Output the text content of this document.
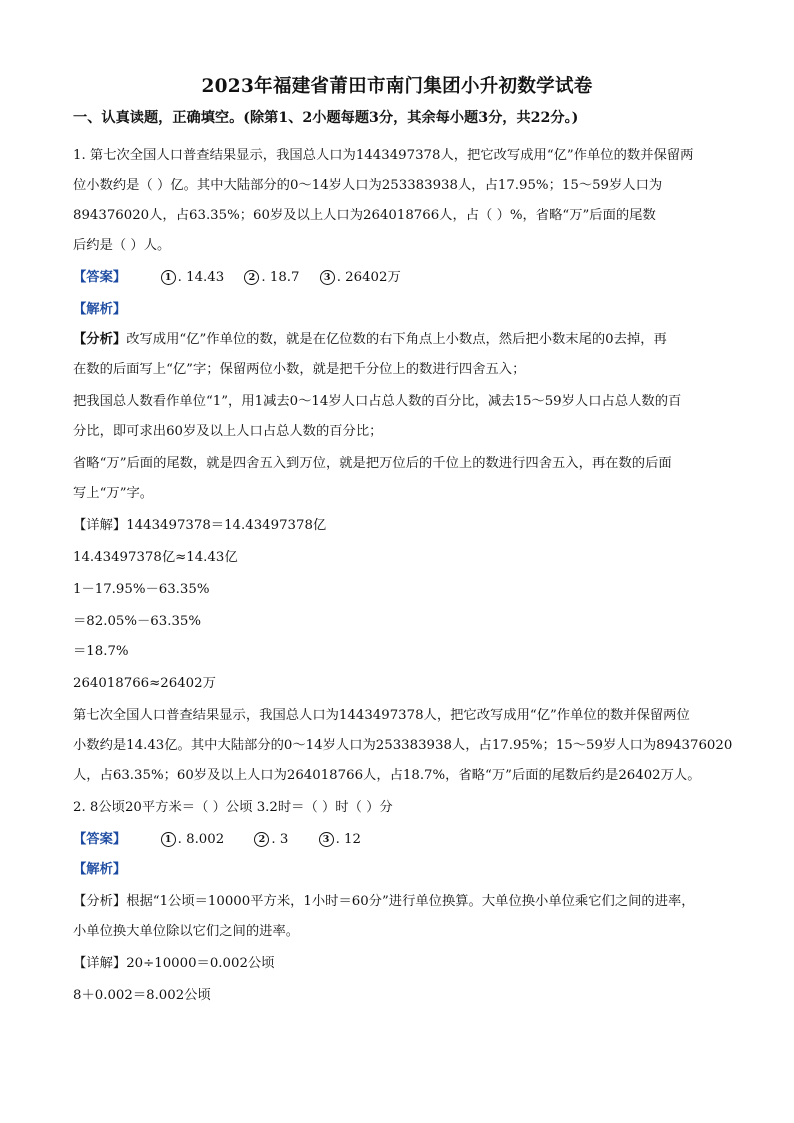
2023年福建省莆田市南门集团小升初数学试卷
一、认真读题，正确填空。(除第1、2小题每题3分，其余每小题3分，共22分。)
1. 第七次全国人口普查结果显示，我国总人口为1443497378人，把它改写成用“亿”作单位的数并保留两
位小数约是（ ）亿。其中大陆部分的0～14岁人口为253383938人，占17.95%；15～59岁人口为
894376020人，占63.35%；60岁及以上人口为264018766人，占（ ）%，省略“万”后面的尾数
后约是（ ）人。
【答案】	1 . 14.43	2 . 18.7	3 . 26402万
【解析】
【分析】改写成用“亿”作单位的数，就是在亿位数的右下角点上小数点，然后把小数末尾的0去掉，再
在数的后面写上“亿”字；保留两位小数，就是把千分位上的数进行四舍五入；
把我国总人数看作单位“1”，用1减去0～14岁人口占总人数的百分比，减去15～59岁人口占总人数的百
分比，即可求出60岁及以上人口占总人数的百分比；
省略“万”后面的尾数，就是四舍五入到万位，就是把万位后的千位上的数进行四舍五入，再在数的后面
写上“万”字。
【详解】1443497378＝14.43497378亿
14.43497378亿≈14.43亿
1－17.95%－63.35%
＝82.05%－63.35%
＝18.7%
264018766≈26402万
第七次全国人口普查结果显示，我国总人口为1443497378人，把它改写成用“亿”作单位的数并保留两位
小数约是14.43亿。其中大陆部分的0～14岁人口为253383938人，占17.95%；15～59岁人口为894376020
人，占63.35%；60岁及以上人口为264018766人，占18.7%，省略“万”后面的尾数后约是26402万人。
2. 8公顷20平方米＝（ ）公顷 3.2时＝（ ）时（ ）分
【答案】	1 . 8.002	2 . 3	3 . 12
【解析】
【分析】根据“1公顷＝10000平方米，1小时＝60分”进行单位换算。大单位换小单位乘它们之间的进率，
小单位换大单位除以它们之间的进率。
【详解】20÷10000＝0.002公顷
8＋0.002＝8.002公顷
